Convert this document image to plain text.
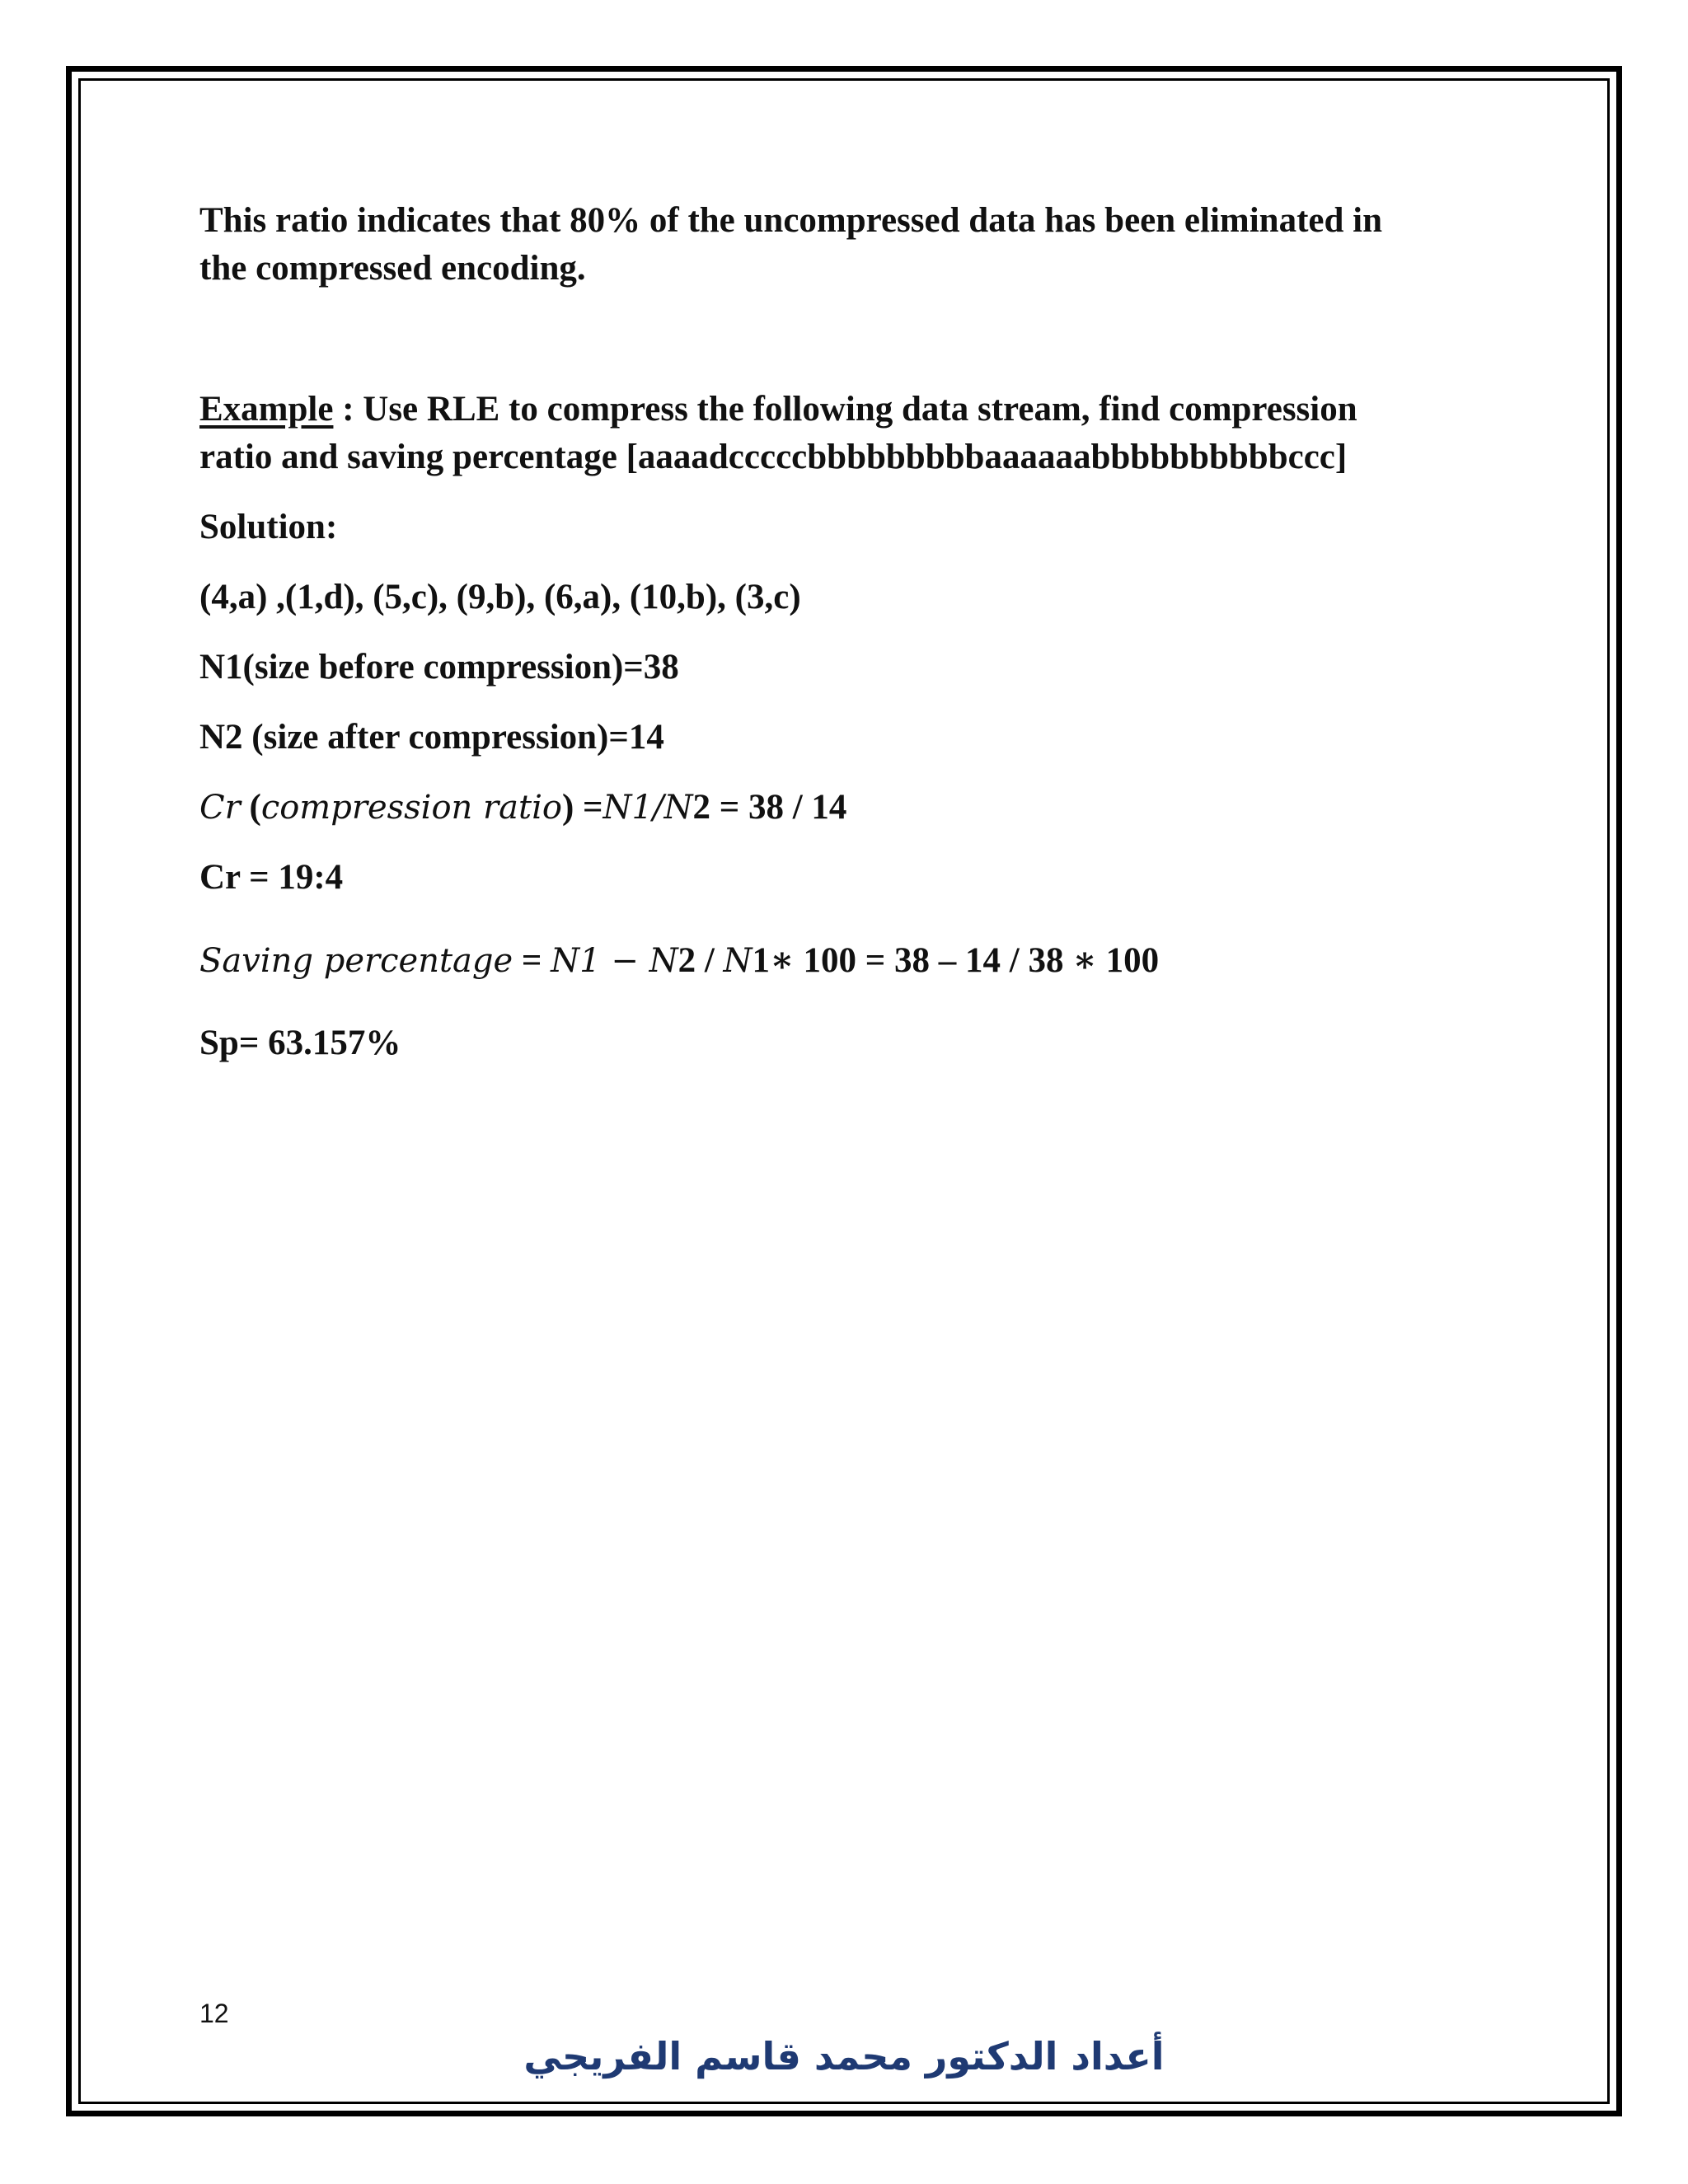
This ratio indicates that 80% of the uncompressed data has been eliminated in
the compressed encoding.
Example : Use RLE to compress the following data stream, find compression
ratio and saving percentage [aaaadcccccbbbbbbbbbaaaaaabbbbbbbbbbccc]
Solution:
(4,a) ,(1,d), (5,c), (9,b), (6,a), (10,b), (3,c)
N1(size before compression)=38
N2 (size after compression)=14
Cr (compression ratio) =N1/N2 = 38 / 14
Cr = 19:4
Saving percentage = N1 − N2 / N1∗ 100 = 38 – 14 / 38 ∗ 100
Sp= 63.157%
12
أعداد الدكتور محمد قاسم الفريجي
